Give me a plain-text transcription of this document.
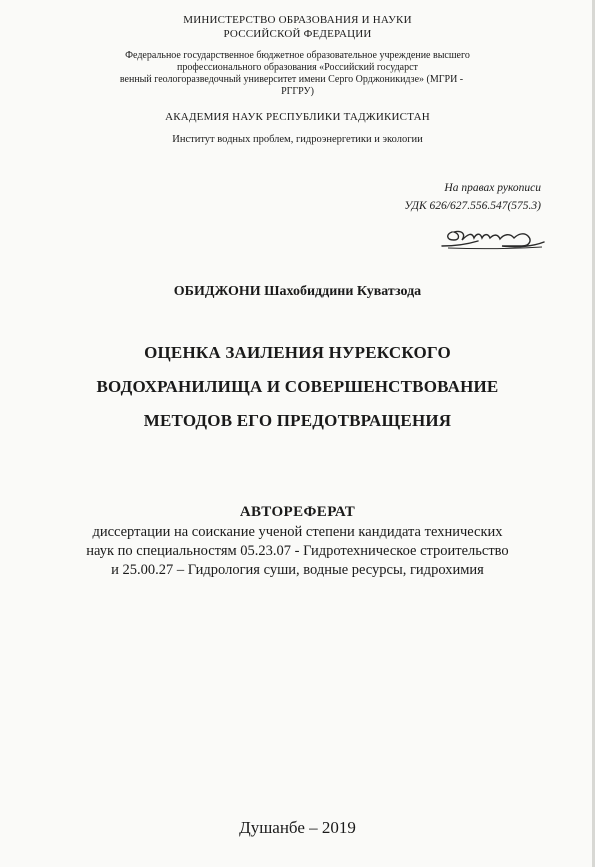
МИНИСТЕРСТВО ОБРАЗОВАНИЯ И НАУКИ
РОССИЙСКОЙ ФЕДЕРАЦИИ
Федеральное государственное бюджетное образовательное учреждение высшего
профессионального образования «Российский государст
венный геологоразведочный университет имени Серго Орджоникидзе» (МГРИ -
РГГРУ)
АКАДЕМИЯ НАУК РЕСПУБЛИКИ ТАДЖИКИСТАН
Институт водных проблем, гидроэнергетики и экологии
На правах рукописи
УДК 626/627.556.547(575.3)
ОБИДЖОНИ Шахобиддини Куватзода
ОЦЕНКА ЗАИЛЕНИЯ НУРЕКСКОГО
ВОДОХРАНИЛИЩА И СОВЕРШЕНСТВОВАНИЕ
МЕТОДОВ ЕГО ПРЕДОТВРАЩЕНИЯ
АВТОРЕФЕРАТ
диссертации на соискание ученой степени кандидата технических
наук по специальностям 05.23.07 - Гидротехническое строительство
и 25.00.27 – Гидрология суши, водные ресурсы, гидрохимия
Душанбе – 2019
